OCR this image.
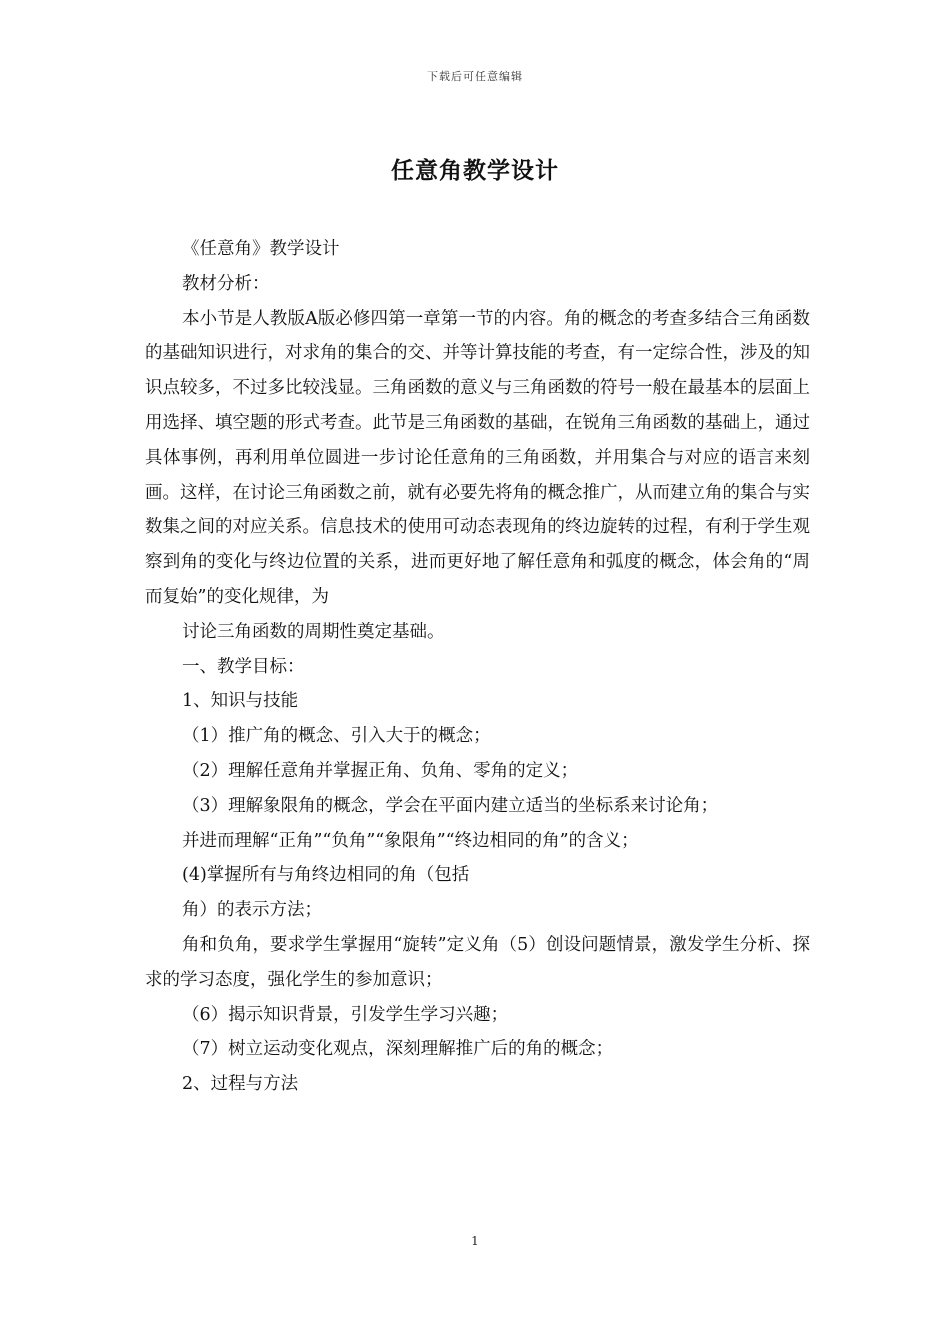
下载后可任意编辑
任意角教学设计

《任意角》教学设计

教材分析：

本小节是人教版A版必修四第一章第一节的内容。角的概念的考查多结合三角函数的基础知识进行，对求角的集合的交、并等计算技能的考查，有一定综合性，涉及的知识点较多，不过多比较浅显。三角函数的意义与三角函数的符号一般在最基本的层面上用选择、填空题的形式考查。此节是三角函数的基础，在锐角三角函数的基础上，通过具体事例，再利用单位圆进一步讨论任意角的三角函数，并用集合与对应的语言来刻画。这样，在讨论三角函数之前，就有必要先将角的概念推广，从而建立角的集合与实数集之间的对应关系。信息技术的使用可动态表现角的终边旋转的过程，有利于学生观察到角的变化与终边位置的关系，进而更好地了解任意角和弧度的概念，体会角的“周而复始”的变化规律，为

讨论三角函数的周期性奠定基础。

一、教学目标：

1、知识与技能

（1）推广角的概念、引入大于的概念；

（2）理解任意角并掌握正角、负角、零角的定义；

（3）理解象限角的概念，学会在平面内建立适当的坐标系来讨论角；

并进而理解“正角”“负角”“象限角”“终边相同的角”的含义；

(4)掌握所有与角终边相同的角（包括

角）的表示方法；

角和负角，要求学生掌握用“旋转”定义角（5）创设问题情景，激发学生分析、探求的学习态度，强化学生的参加意识；

（6）揭示知识背景，引发学生学习兴趣；

（7）树立运动变化观点，深刻理解推广后的角的概念；

2、过程与方法

1
